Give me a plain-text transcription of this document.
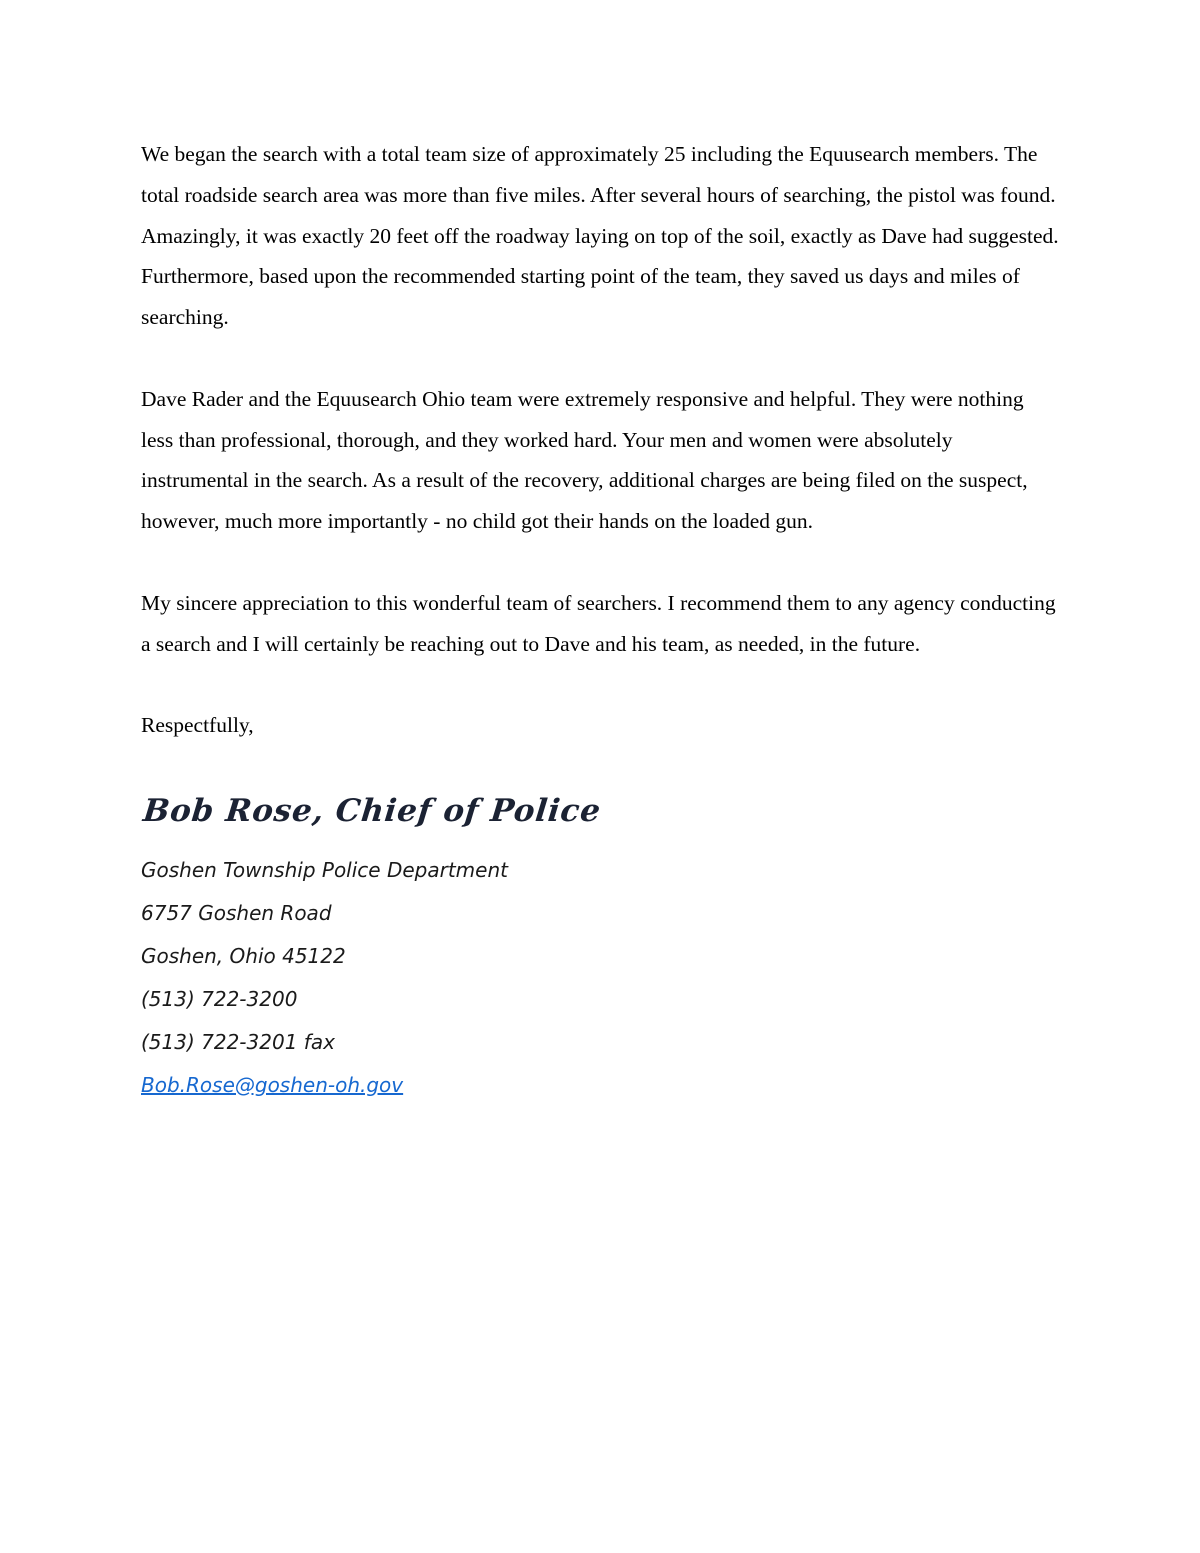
We began the search with a total team size of approximately 25 including the Equusearch members. The total roadside search area was more than five miles. After several hours of searching, the pistol was found. Amazingly, it was exactly 20 feet off the roadway laying on top of the soil, exactly as Dave had suggested. Furthermore, based upon the recommended starting point of the team, they saved us days and miles of searching.

Dave Rader and the Equusearch Ohio team were extremely responsive and helpful. They were nothing less than professional, thorough, and they worked hard. Your men and women were absolutely instrumental in the search. As a result of the recovery, additional charges are being filed on the suspect, however, much more importantly - no child got their hands on the loaded gun.

My sincere appreciation to this wonderful team of searchers. I recommend them to any agency conducting a search and I will certainly be reaching out to Dave and his team, as needed, in the future.

Respectfully,

Bob Rose, Chief of Police
Goshen Township Police Department
6757 Goshen Road
Goshen, Ohio 45122
(513) 722-3200
(513) 722-3201 fax
Bob.Rose@goshen-oh.gov
